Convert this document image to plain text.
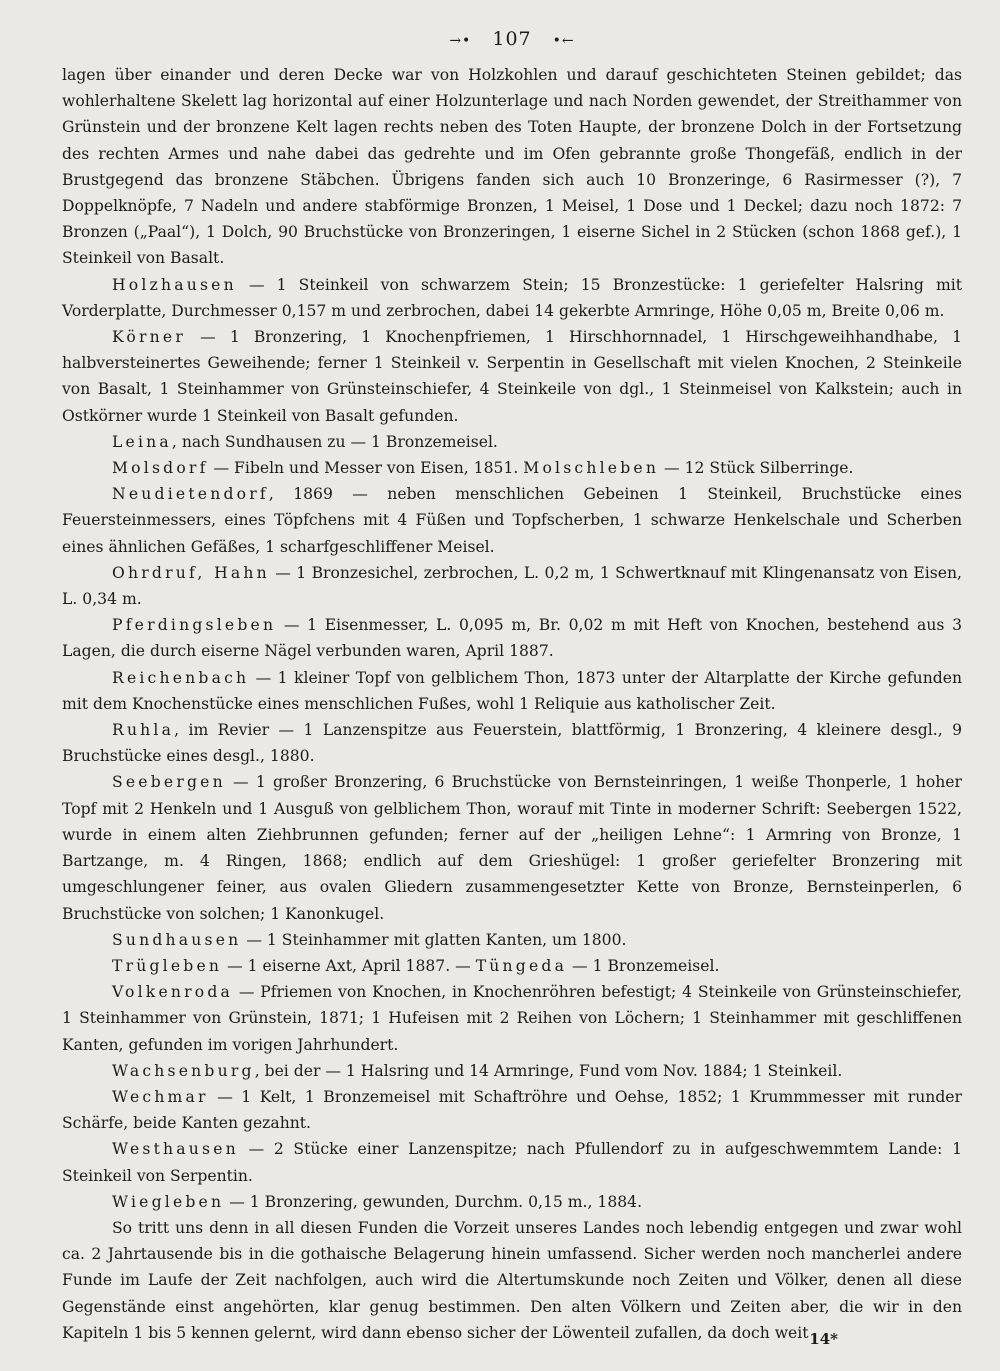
→• 107 •←

lagen über einander und deren Decke war von Holzkohlen und darauf geschichteten Steinen gebildet; das wohlerhaltene Skelett lag horizontal auf einer Holzunterlage und nach Norden gewendet, der Streithammer von Grünstein und der bronzene Kelt lagen rechts neben des Toten Haupte, der bronzene Dolch in der Fortsetzung des rechten Armes und nahe dabei das gedrehte und im Ofen gebrannte große Thongefäß, endlich in der Brustgegend das bronzene Stäbchen. Übrigens fanden sich auch 10 Bronzeringe, 6 Rasirmesser (?), 7 Doppelknöpfe, 7 Nadeln und andere stabförmige Bronzen, 1 Meisel, 1 Dose und 1 Deckel; dazu noch 1872: 7 Bronzen („Paal“), 1 Dolch, 90 Bruchstücke von Bronzeringen, 1 eiserne Sichel in 2 Stücken (schon 1868 gef.), 1 Steinkeil von Basalt.

Holzhausen — 1 Steinkeil von schwarzem Stein; 15 Bronzestücke: 1 geriefelter Halsring mit Vorderplatte, Durchmesser 0,157 m und zerbrochen, dabei 14 gekerbte Armringe, Höhe 0,05 m, Breite 0,06 m.

Körner — 1 Bronzering, 1 Knochenpfriemen, 1 Hirschhornnadel, 1 Hirschgeweihhandhabe, 1 halbversteinertes Geweihende; ferner 1 Steinkeil v. Serpentin in Gesellschaft mit vielen Knochen, 2 Steinkeile von Basalt, 1 Steinhammer von Grünsteinschiefer, 4 Steinkeile von dgl., 1 Steinmeisel von Kalkstein; auch in Ostkörner wurde 1 Steinkeil von Basalt gefunden.

Leina, nach Sundhausen zu — 1 Bronzemeisel.

Molsdorf — Fibeln und Messer von Eisen, 1851. Molschleben — 12 Stück Silberringe.

Neudietendorf, 1869 — neben menschlichen Gebeinen 1 Steinkeil, Bruchstücke eines Feuersteinmessers, eines Töpfchens mit 4 Füßen und Topfscherben, 1 schwarze Henkelschale und Scherben eines ähnlichen Gefäßes, 1 scharfgeschliffener Meisel.

Ohrdruf, Hahn — 1 Bronzesichel, zerbrochen, L. 0,2 m, 1 Schwertknauf mit Klingenansatz von Eisen, L. 0,34 m.

Pferdingsleben — 1 Eisenmesser, L. 0,095 m, Br. 0,02 m mit Heft von Knochen, bestehend aus 3 Lagen, die durch eiserne Nägel verbunden waren, April 1887.

Reichenbach — 1 kleiner Topf von gelblichem Thon, 1873 unter der Altarplatte der Kirche gefunden mit dem Knochenstücke eines menschlichen Fußes, wohl 1 Reliquie aus katholischer Zeit.

Ruhla, im Revier — 1 Lanzenspitze aus Feuerstein, blattförmig, 1 Bronzering, 4 kleinere desgl., 9 Bruchstücke eines desgl., 1880.

Seebergen — 1 großer Bronzering, 6 Bruchstücke von Bernsteinringen, 1 weiße Thonperle, 1 hoher Topf mit 2 Henkeln und 1 Ausguß von gelblichem Thon, worauf mit Tinte in moderner Schrift: Seebergen 1522, wurde in einem alten Ziehbrunnen gefunden; ferner auf der „heiligen Lehne“: 1 Armring von Bronze, 1 Bartzange, m. 4 Ringen, 1868; endlich auf dem Grieshügel: 1 großer geriefelter Bronzering mit umgeschlungener feiner, aus ovalen Gliedern zusammengesetzter Kette von Bronze, Bernsteinperlen, 6 Bruchstücke von solchen; 1 Kanonkugel.

Sundhausen — 1 Steinhammer mit glatten Kanten, um 1800.

Trügleben — 1 eiserne Axt, April 1887. — Tüngeda — 1 Bronzemeisel.

Volkenroda — Pfriemen von Knochen, in Knochenröhren befestigt; 4 Steinkeile von Grünsteinschiefer, 1 Steinhammer von Grünstein, 1871; 1 Hufeisen mit 2 Reihen von Löchern; 1 Steinhammer mit geschliffenen Kanten, gefunden im vorigen Jahrhundert.

Wachsenburg, bei der — 1 Halsring und 14 Armringe, Fund vom Nov. 1884; 1 Steinkeil.

Wechmar — 1 Kelt, 1 Bronzemeisel mit Schaftröhre und Oehse, 1852; 1 Krummmesser mit runder Schärfe, beide Kanten gezahnt.

Westhausen — 2 Stücke einer Lanzenspitze; nach Pfullendorf zu in aufgeschwemmtem Lande: 1 Steinkeil von Serpentin.

Wiegleben — 1 Bronzering, gewunden, Durchm. 0,15 m., 1884.

So tritt uns denn in all diesen Funden die Vorzeit unseres Landes noch lebendig entgegen und zwar wohl ca. 2 Jahrtausende bis in die gothaische Belagerung hinein umfassend. Sicher werden noch mancherlei andere Funde im Laufe der Zeit nachfolgen, auch wird die Altertumskunde noch Zeiten und Völker, denen all diese Gegenstände einst angehörten, klar genug bestimmen. Den alten Völkern und Zeiten aber, die wir in den Kapiteln 1 bis 5 kennen gelernt, wird dann ebenso sicher der Löwenteil zufallen, da doch weit 14*
